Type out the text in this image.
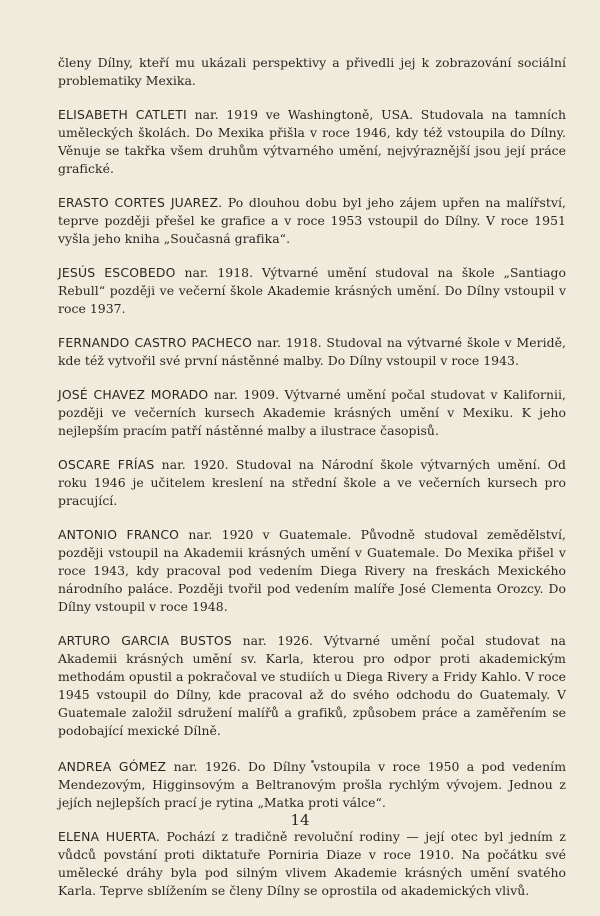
členy Dílny, kteří mu ukázali perspektivy a přivedli jej k zobrazování sociální problematiky Mexika.

ELISABETH CATLETI nar. 1919 ve Washingtoně, USA. Studovala na tamních uměleckých školách. Do Mexika přišla v roce 1946, kdy též vstoupila do Dílny. Věnuje se takřka všem druhům výtvarného umění, nejvýraznější jsou její práce grafické.
ERASTO CORTES JUAREZ. Po dlouhou dobu byl jeho zájem upřen na malířství, teprve později přešel ke grafice a v roce 1953 vstoupil do Dílny. V roce 1951 vyšla jeho kniha „Současná grafika“.
JESÚS ESCOBEDO nar. 1918. Výtvarné umění studoval na škole „Santiago Rebull“ později ve večerní škole Akademie krásných umění. Do Dílny vstoupil v roce 1937.
FERNANDO CASTRO PACHECO nar. 1918. Studoval na výtvarné škole v Meridě, kde též vytvořil své první nástěnné malby. Do Dílny vstoupil v roce 1943.
JOSÉ CHAVEZ MORADO nar. 1909. Výtvarné umění počal studovat v Kalifornii, později ve večerních kursech Akademie krásných umění v Mexiku. K jeho nejlepším pracím patří nástěnné malby a ilustrace časopisů.
OSCARE FRÍAS nar. 1920. Studoval na Národní škole výtvarných umění. Od roku 1946 je učitelem kreslení na střední škole a ve večerních kursech pro pracující.
ANTONIO FRANCO nar. 1920 v Guatemale. Původně studoval zemědělství, později vstoupil na Akademii krásných umění v Guatemale. Do Mexika přišel v roce 1943, kdy pracoval pod vedením Diega Rivery na freskách Mexického národního paláce. Později tvořil pod vedením malíře José Clementa Orozcy. Do Dílny vstoupil v roce 1948.
ARTURO GARCIA BUSTOS nar. 1926. Výtvarné umění počal studovat na Akademii krásných umění sv. Karla, kterou pro odpor proti akademickým methodám opustil a pokračoval ve studiích u Diega Rivery a Fridy Kahlo. V roce 1945 vstoupil do Dílny, kde pracoval až do svého odchodu do Guatemaly. V Guatemale založil sdružení malířů a grafiků, způsobem práce a zaměřením se podobající mexické Dílně.
ANDREA GÓMEZ nar. 1926. Do Dílny vstoupila v roce 1950 a pod vedením Mendezovým, Higginsovým a Beltranovým prošla rychlým vývojem. Jednou z jejích nejlepších prací je rytina „Matka proti válce“.
ELENA HUERTA. Pochází z tradičně revoluční rodiny — její otec byl jedním z vůdců povstání proti diktatuře Porniria Diaze v roce 1910. Na počátku své umělecké dráhy byla pod silným vlivem Akademie krásných umění svatého Karla. Teprve sblížením se členy Dílny se oprostila od akademických vlivů.
14
